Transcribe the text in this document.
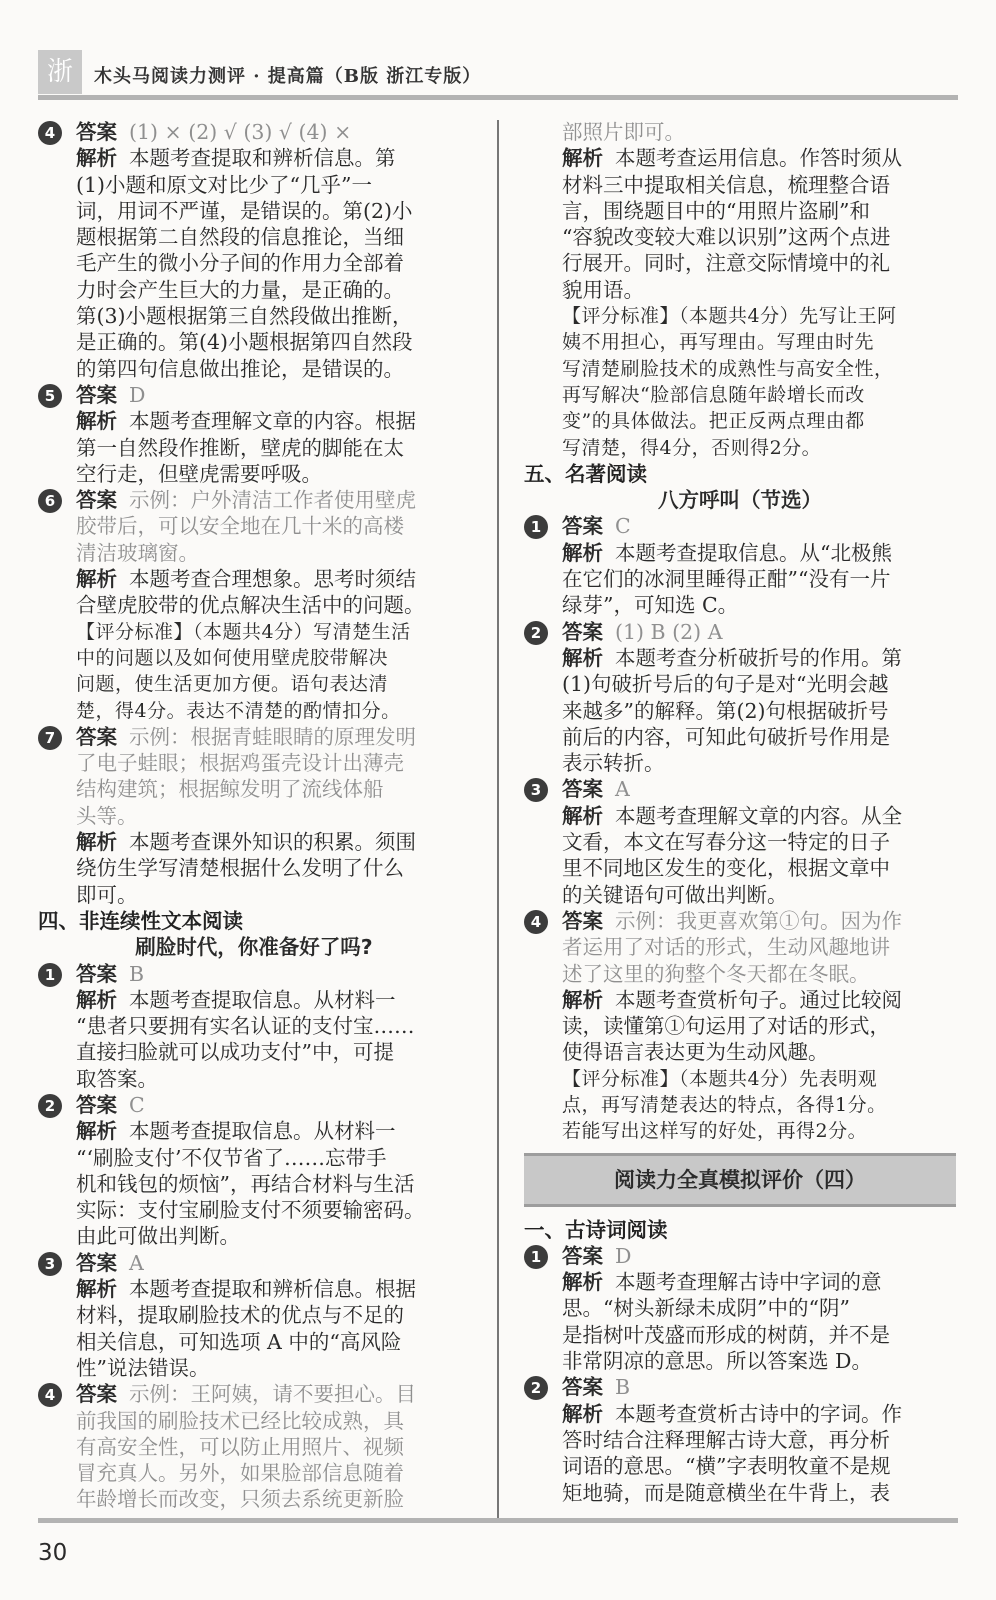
浙	木头马阅读力测评 · 提高篇（B版 浙江专版）
4 答案 (1) × (2) √ (3) √ (4) ×
解析 本题考查提取和辨析信息。第
(1)小题和原文对比少了“几乎”一
词，用词不严谨，是错误的。第(2)小
题根据第二自然段的信息推论，当细
毛产生的微小分子间的作用力全部着
力时会产生巨大的力量，是正确的。
第(3)小题根据第三自然段做出推断，
是正确的。第(4)小题根据第四自然段
的第四句信息做出推论，是错误的。
5 答案 D
解析 本题考查理解文章的内容。根据
第一自然段作推断，壁虎的脚能在太
空行走，但壁虎需要呼吸。
6 答案 示例：户外清洁工作者使用壁虎
胶带后，可以安全地在几十米的高楼
清洁玻璃窗。
解析 本题考查合理想象。思考时须结
合壁虎胶带的优点解决生活中的问题。
【评分标准】（本题共4分）写清楚生活
中的问题以及如何使用壁虎胶带解决
问题，使生活更加方便。语句表达清
楚，得4分。表达不清楚的酌情扣分。
7 答案 示例：根据青蛙眼睛的原理发明
了电子蛙眼；根据鸡蛋壳设计出薄壳
结构建筑；根据鲸发明了流线体船
头等。
解析 本题考查课外知识的积累。须围
绕仿生学写清楚根据什么发明了什么
即可。
四、非连续性文本阅读
刷脸时代，你准备好了吗?
1 答案 B
解析 本题考查提取信息。从材料一
“患者只要拥有实名认证的支付宝……
直接扫脸就可以成功支付”中，可提
取答案。
2 答案 C
解析 本题考查提取信息。从材料一
“‘刷脸支付’不仅节省了……忘带手
机和钱包的烦恼”，再结合材料与生活
实际：支付宝刷脸支付不须要输密码。
由此可做出判断。
3 答案 A
解析 本题考查提取和辨析信息。根据
材料，提取刷脸技术的优点与不足的
相关信息，可知选项 A 中的“高风险
性”说法错误。
4 答案 示例：王阿姨，请不要担心。目
前我国的刷脸技术已经比较成熟，具
有高安全性，可以防止用照片、视频
冒充真人。另外，如果脸部信息随着
年龄增长而改变，只须去系统更新脸
部照片即可。
解析 本题考查运用信息。作答时须从
材料三中提取相关信息，梳理整合语
言，围绕题目中的“用照片盗刷”和
“容貌改变较大难以识别”这两个点进
行展开。同时，注意交际情境中的礼
貌用语。
【评分标准】（本题共4分）先写让王阿
姨不用担心，再写理由。写理由时先
写清楚刷脸技术的成熟性与高安全性，
再写解决“脸部信息随年龄增长而改
变”的具体做法。把正反两点理由都
写清楚，得4分，否则得2分。
五、名著阅读
八方呼叫（节选）
1 答案 C
解析 本题考查提取信息。从“北极熊
在它们的冰洞里睡得正酣”“没有一片
绿芽”，可知选 C。
2 答案 (1) B (2) A
解析 本题考查分析破折号的作用。第
(1)句破折号后的句子是对“光明会越
来越多”的解释。第(2)句根据破折号
前后的内容，可知此句破折号作用是
表示转折。
3 答案 A
解析 本题考查理解文章的内容。从全
文看，本文在写春分这一特定的日子
里不同地区发生的变化，根据文章中
的关键语句可做出判断。
4 答案 示例：我更喜欢第①句。因为作
者运用了对话的形式，生动风趣地讲
述了这里的狗整个冬天都在冬眠。
解析 本题考查赏析句子。通过比较阅
读，读懂第①句运用了对话的形式，
使得语言表达更为生动风趣。
【评分标准】（本题共4分）先表明观
点，再写清楚表达的特点，各得1分。
若能写出这样写的好处，再得2分。
阅读力全真模拟评价（四）
一、古诗词阅读
1 答案 D
解析 本题考查理解古诗中字词的意
思。“树头新绿未成阴”中的“阴”
是指树叶茂盛而形成的树荫，并不是
非常阴凉的意思。所以答案选 D。
2 答案 B
解析 本题考查赏析古诗中的字词。作
答时结合注释理解古诗大意，再分析
词语的意思。“横”字表明牧童不是规
矩地骑，而是随意横坐在牛背上，表
30
